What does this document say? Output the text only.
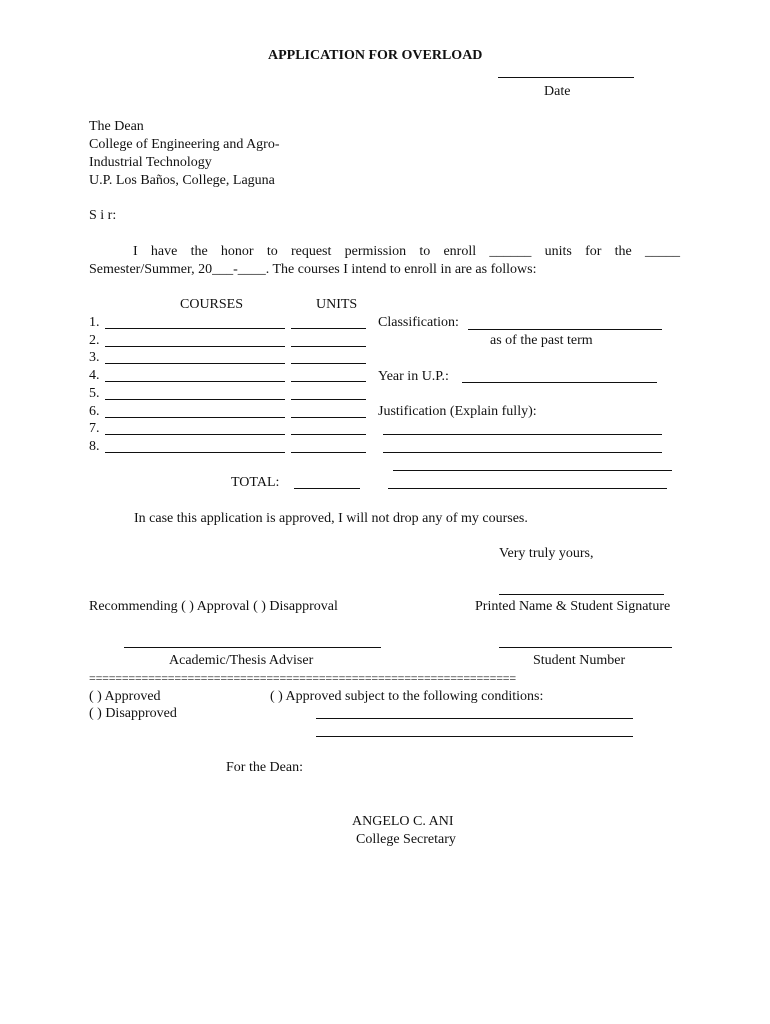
APPLICATION FOR OVERLOAD
Date
The Dean
College of Engineering and Agro-
Industrial Technology
U.P. Los Baños, College, Laguna
S i r:
I have the honor to request permission to enroll ______ units for the _____
Semester/Summer, 20___-____. The courses I intend to enroll in are as follows:
COURSES	UNITS
1.
2.
3.
4.
5.
6.
7.
8.
Classification:
as of the past term
Year in U.P.:
Justification (Explain fully):
TOTAL:
In case this application is approved, I will not drop any of my courses.
Very truly yours,
Recommending ( ) Approval ( ) Disapproval	Printed Name & Student Signature
Academic/Thesis Adviser	Student Number
=================================================================
( ) Approved
( ) Disapproved
( ) Approved subject to the following conditions:
For the Dean:
ANGELO C. ANI
College Secretary
